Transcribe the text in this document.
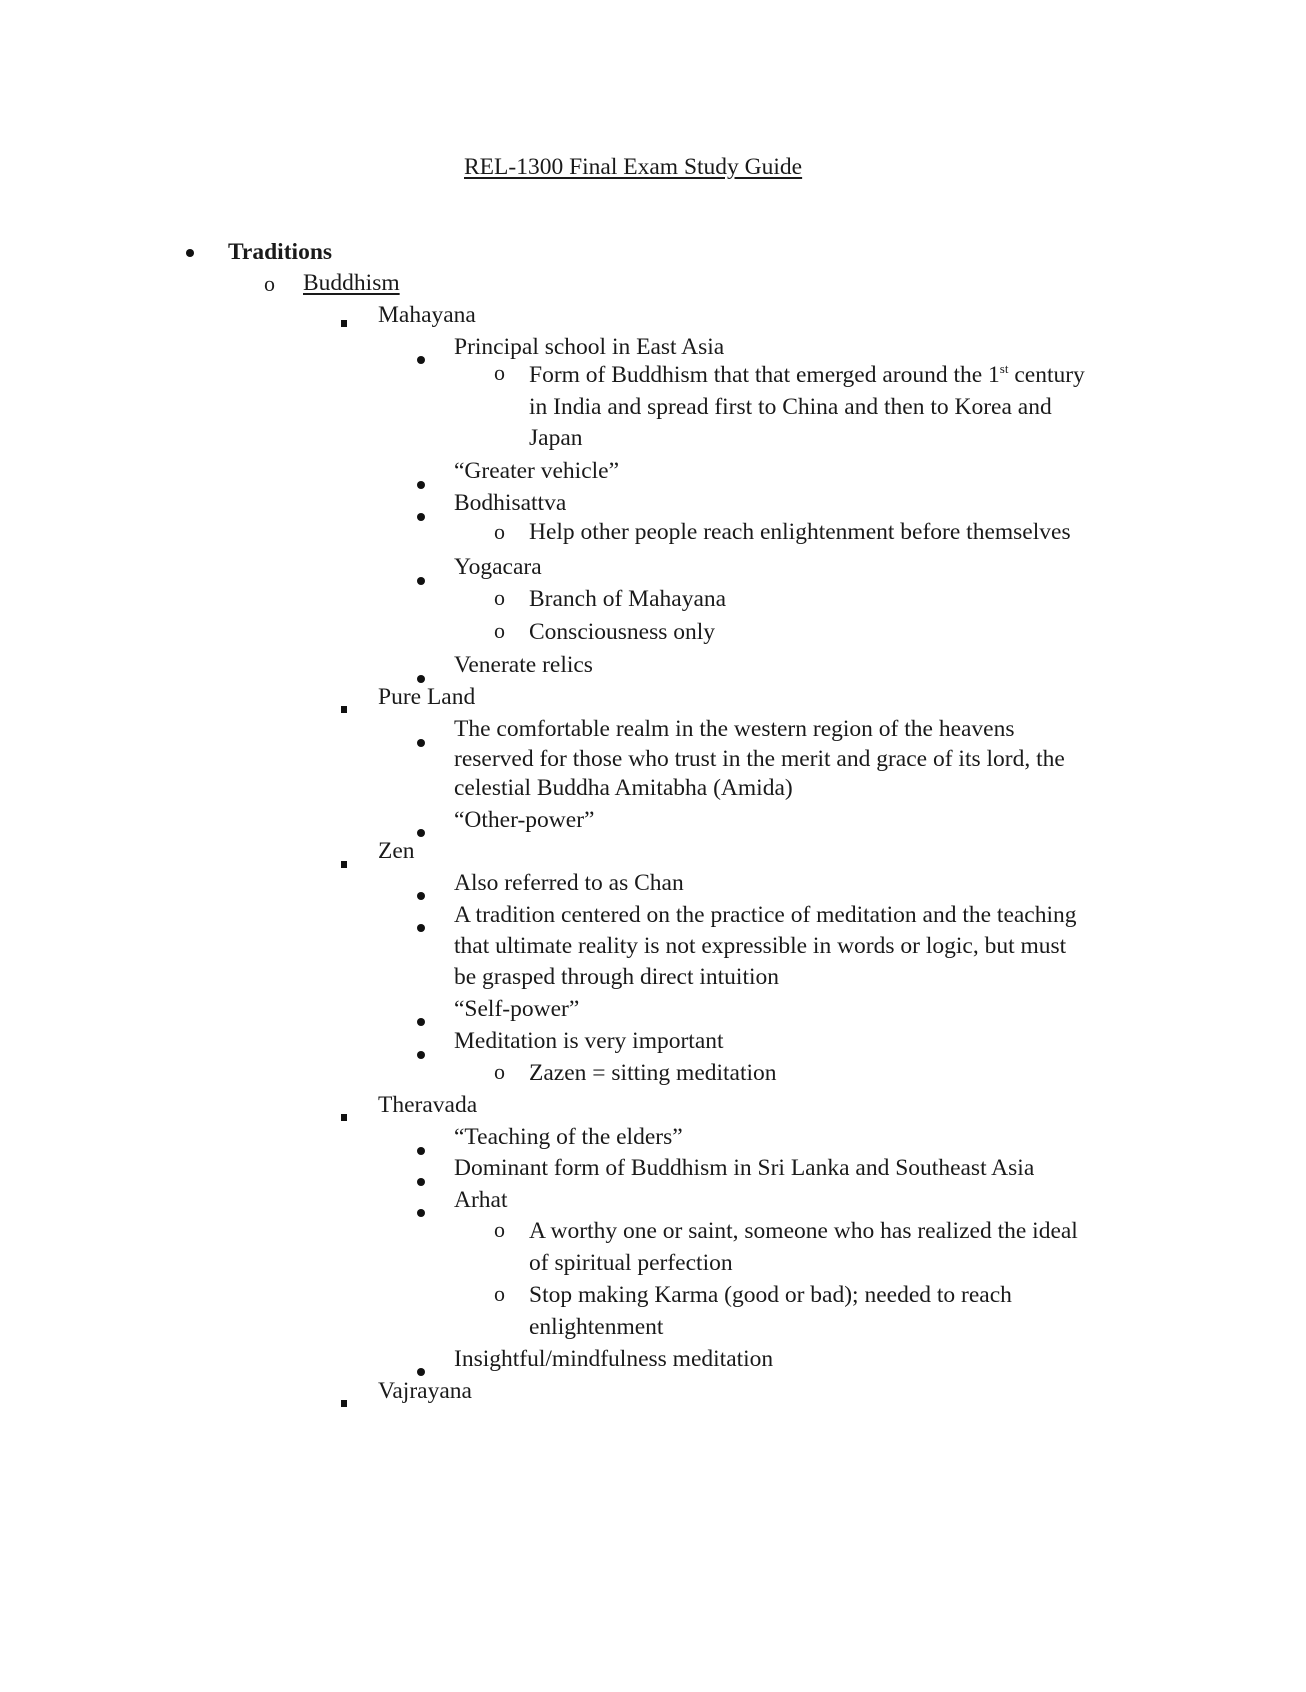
REL-1300 Final Exam Study Guide
Traditions
o Buddhism
Mahayana
Principal school in East Asia
o Form of Buddhism that that emerged around the 1st century
in India and spread first to China and then to Korea and
Japan
“Greater vehicle”
Bodhisattva
o Help other people reach enlightenment before themselves
Yogacara
o Branch of Mahayana
o Consciousness only
Venerate relics
Pure Land
The comfortable realm in the western region of the heavens
reserved for those who trust in the merit and grace of its lord, the
celestial Buddha Amitabha (Amida)
“Other-power”
Zen
Also referred to as Chan
A tradition centered on the practice of meditation and the teaching
that ultimate reality is not expressible in words or logic, but must
be grasped through direct intuition
“Self-power”
Meditation is very important
o Zazen = sitting meditation
Theravada
“Teaching of the elders”
Dominant form of Buddhism in Sri Lanka and Southeast Asia
Arhat
o A worthy one or saint, someone who has realized the ideal
of spiritual perfection
o Stop making Karma (good or bad); needed to reach
enlightenment
Insightful/mindfulness meditation
Vajrayana
